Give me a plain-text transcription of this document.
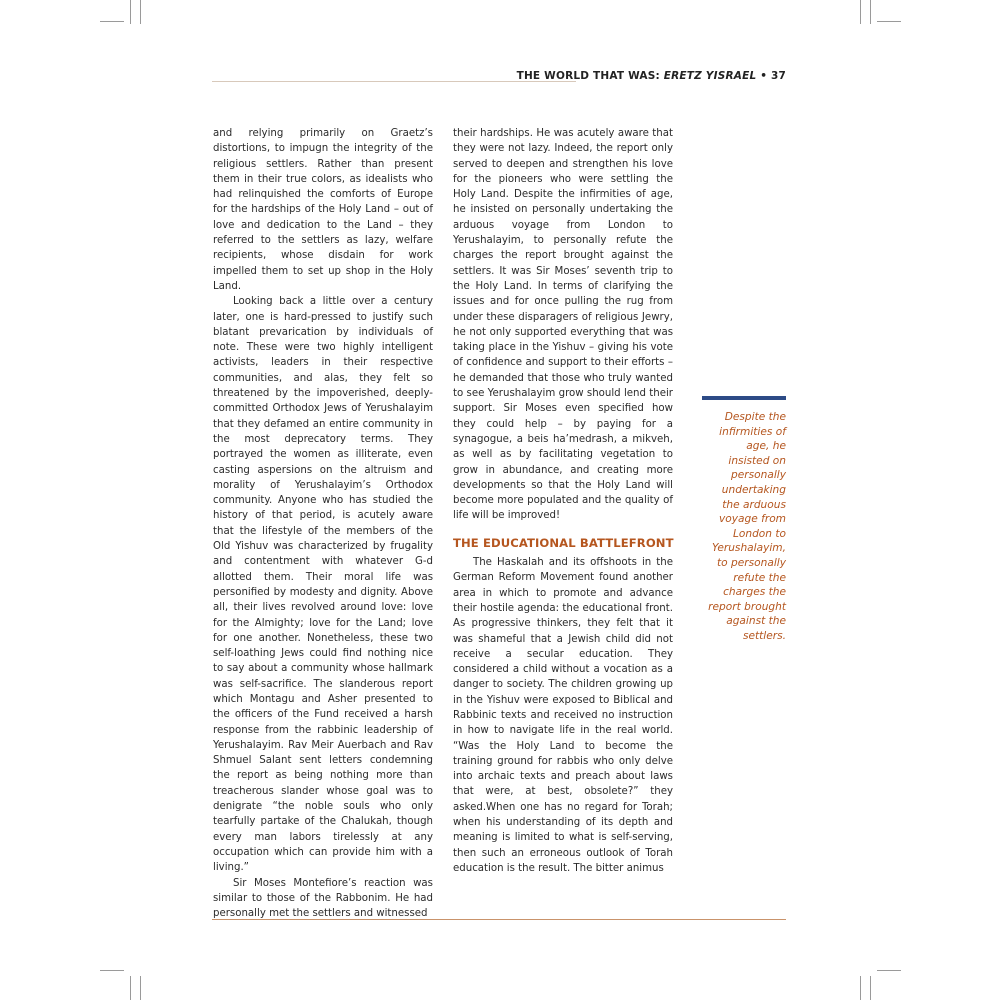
THE WORLD THAT WAS: ERETZ YISRAEL • 37

and relying primarily on Graetz’s distortions, to impugn the integrity of the religious settlers. Rather than present them in their true colors, as idealists who had relinquished the comforts of Europe for the hardships of the Holy Land – out of love and dedication to the Land – they referred to the settlers as lazy, welfare recipients, whose disdain for work impelled them to set up shop in the Holy Land.

Looking back a little over a century later, one is hard-pressed to justify such blatant prevarication by individuals of note. These were two highly intelligent activists, leaders in their respective communities, and alas, they felt so threatened by the impoverished, deeply-committed Orthodox Jews of Yerushalayim that they defamed an entire community in the most deprecatory terms. They portrayed the women as illiterate, even casting aspersions on the altruism and morality of Yerushalayim’s Orthodox community. Anyone who has studied the history of that period, is acutely aware that the lifestyle of the members of the Old Yishuv was characterized by frugality and contentment with whatever G-d allotted them. Their moral life was personified by modesty and dignity. Above all, their lives revolved around love: love for the Almighty; love for the Land; love for one another. Nonetheless, these two self-loathing Jews could find nothing nice to say about a community whose hallmark was self-sacrifice. The slanderous report which Montagu and Asher presented to the officers of the Fund received a harsh response from the rabbinic leadership of Yerushalayim. Rav Meir Auerbach and Rav Shmuel Salant sent letters condemning the report as being nothing more than treacherous slander whose goal was to denigrate “the noble souls who only tearfully partake of the Chalukah, though every man labors tirelessly at any occupation which can provide him with a living.”

Sir Moses Montefiore’s reaction was similar to those of the Rabbonim. He had personally met the settlers and witnessed

their hardships. He was acutely aware that they were not lazy. Indeed, the report only served to deepen and strengthen his love for the pioneers who were settling the Holy Land. Despite the infirmities of age, he insisted on personally undertaking the arduous voyage from London to Yerushalayim, to personally refute the charges the report brought against the settlers. It was Sir Moses’ seventh trip to the Holy Land. In terms of clarifying the issues and for once pulling the rug from under these disparagers of religious Jewry, he not only supported everything that was taking place in the Yishuv – giving his vote of confidence and support to their efforts – he demanded that those who truly wanted to see Yerushalayim grow should lend their support. Sir Moses even specified how they could help – by paying for a synagogue, a beis ha’medrash, a mikveh, as well as by facilitating vegetation to grow in abundance, and creating more developments so that the Holy Land will become more populated and the quality of life will be improved!

THE EDUCATIONAL BATTLEFRONT

The Haskalah and its offshoots in the German Reform Movement found another area in which to promote and advance their hostile agenda: the educational front. As progressive thinkers, they felt that it was shameful that a Jewish child did not receive a secular education. They considered a child without a vocation as a danger to society. The children growing up in the Yishuv were exposed to Biblical and Rabbinic texts and received no instruction in how to navigate life in the real world. “Was the Holy Land to become the training ground for rabbis who only delve into archaic texts and preach about laws that were, at best, obsolete?” they asked.When one has no regard for Torah; when his understanding of its depth and meaning is limited to what is self-serving, then such an erroneous outlook of Torah education is the result. The bitter animus

Despite the infirmities of age, he insisted on personally undertaking the arduous voyage from London to Yerushalayim, to personally refute the charges the report brought against the settlers.
